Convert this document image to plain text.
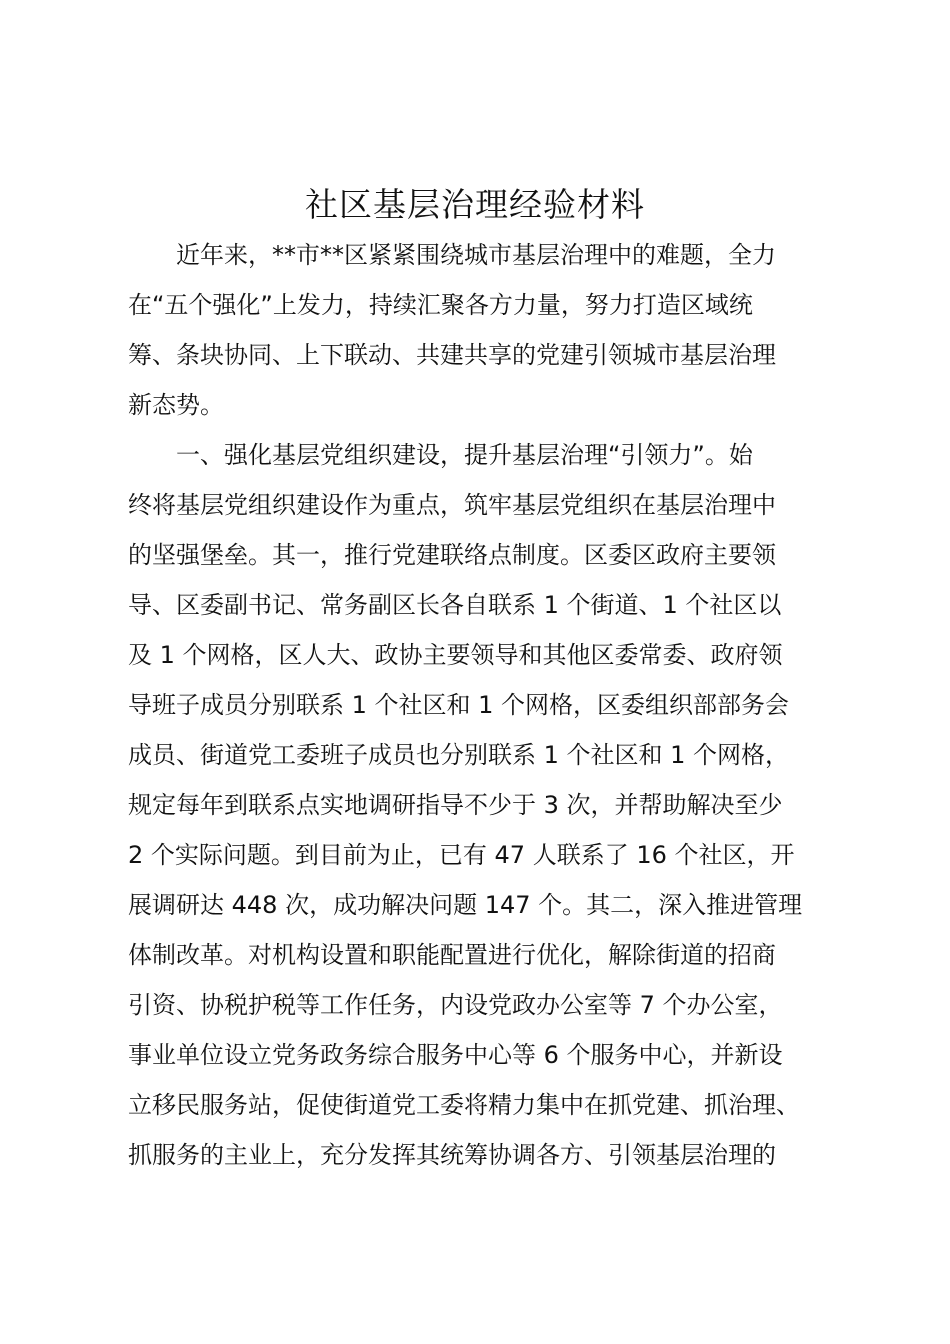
社区基层治理经验材料
近年来，**市**区紧紧围绕城市基层治理中的难题，全力
在“五个强化”上发力，持续汇聚各方力量，努力打造区域统
筹、条块协同、上下联动、共建共享的党建引领城市基层治理
新态势。
一、强化基层党组织建设，提升基层治理“引领力”。始
终将基层党组织建设作为重点，筑牢基层党组织在基层治理中
的坚强堡垒。其一，推行党建联络点制度。区委区政府主要领
导、区委副书记、常务副区长各自联系 1 个街道、1 个社区以
及 1 个网格，区人大、政协主要领导和其他区委常委、政府领
导班子成员分别联系 1 个社区和 1 个网格，区委组织部部务会
成员、街道党工委班子成员也分别联系 1 个社区和 1 个网格，
规定每年到联系点实地调研指导不少于 3 次，并帮助解决至少
2 个实际问题。到目前为止，已有 47 人联系了 16 个社区，开
展调研达 448 次，成功解决问题 147 个。其二，深入推进管理
体制改革。对机构设置和职能配置进行优化，解除街道的招商
引资、协税护税等工作任务，内设党政办公室等 7 个办公室，
事业单位设立党务政务综合服务中心等 6 个服务中心，并新设
立移民服务站，促使街道党工委将精力集中在抓党建、抓治理、
抓服务的主业上，充分发挥其统筹协调各方、引领基层治理的
